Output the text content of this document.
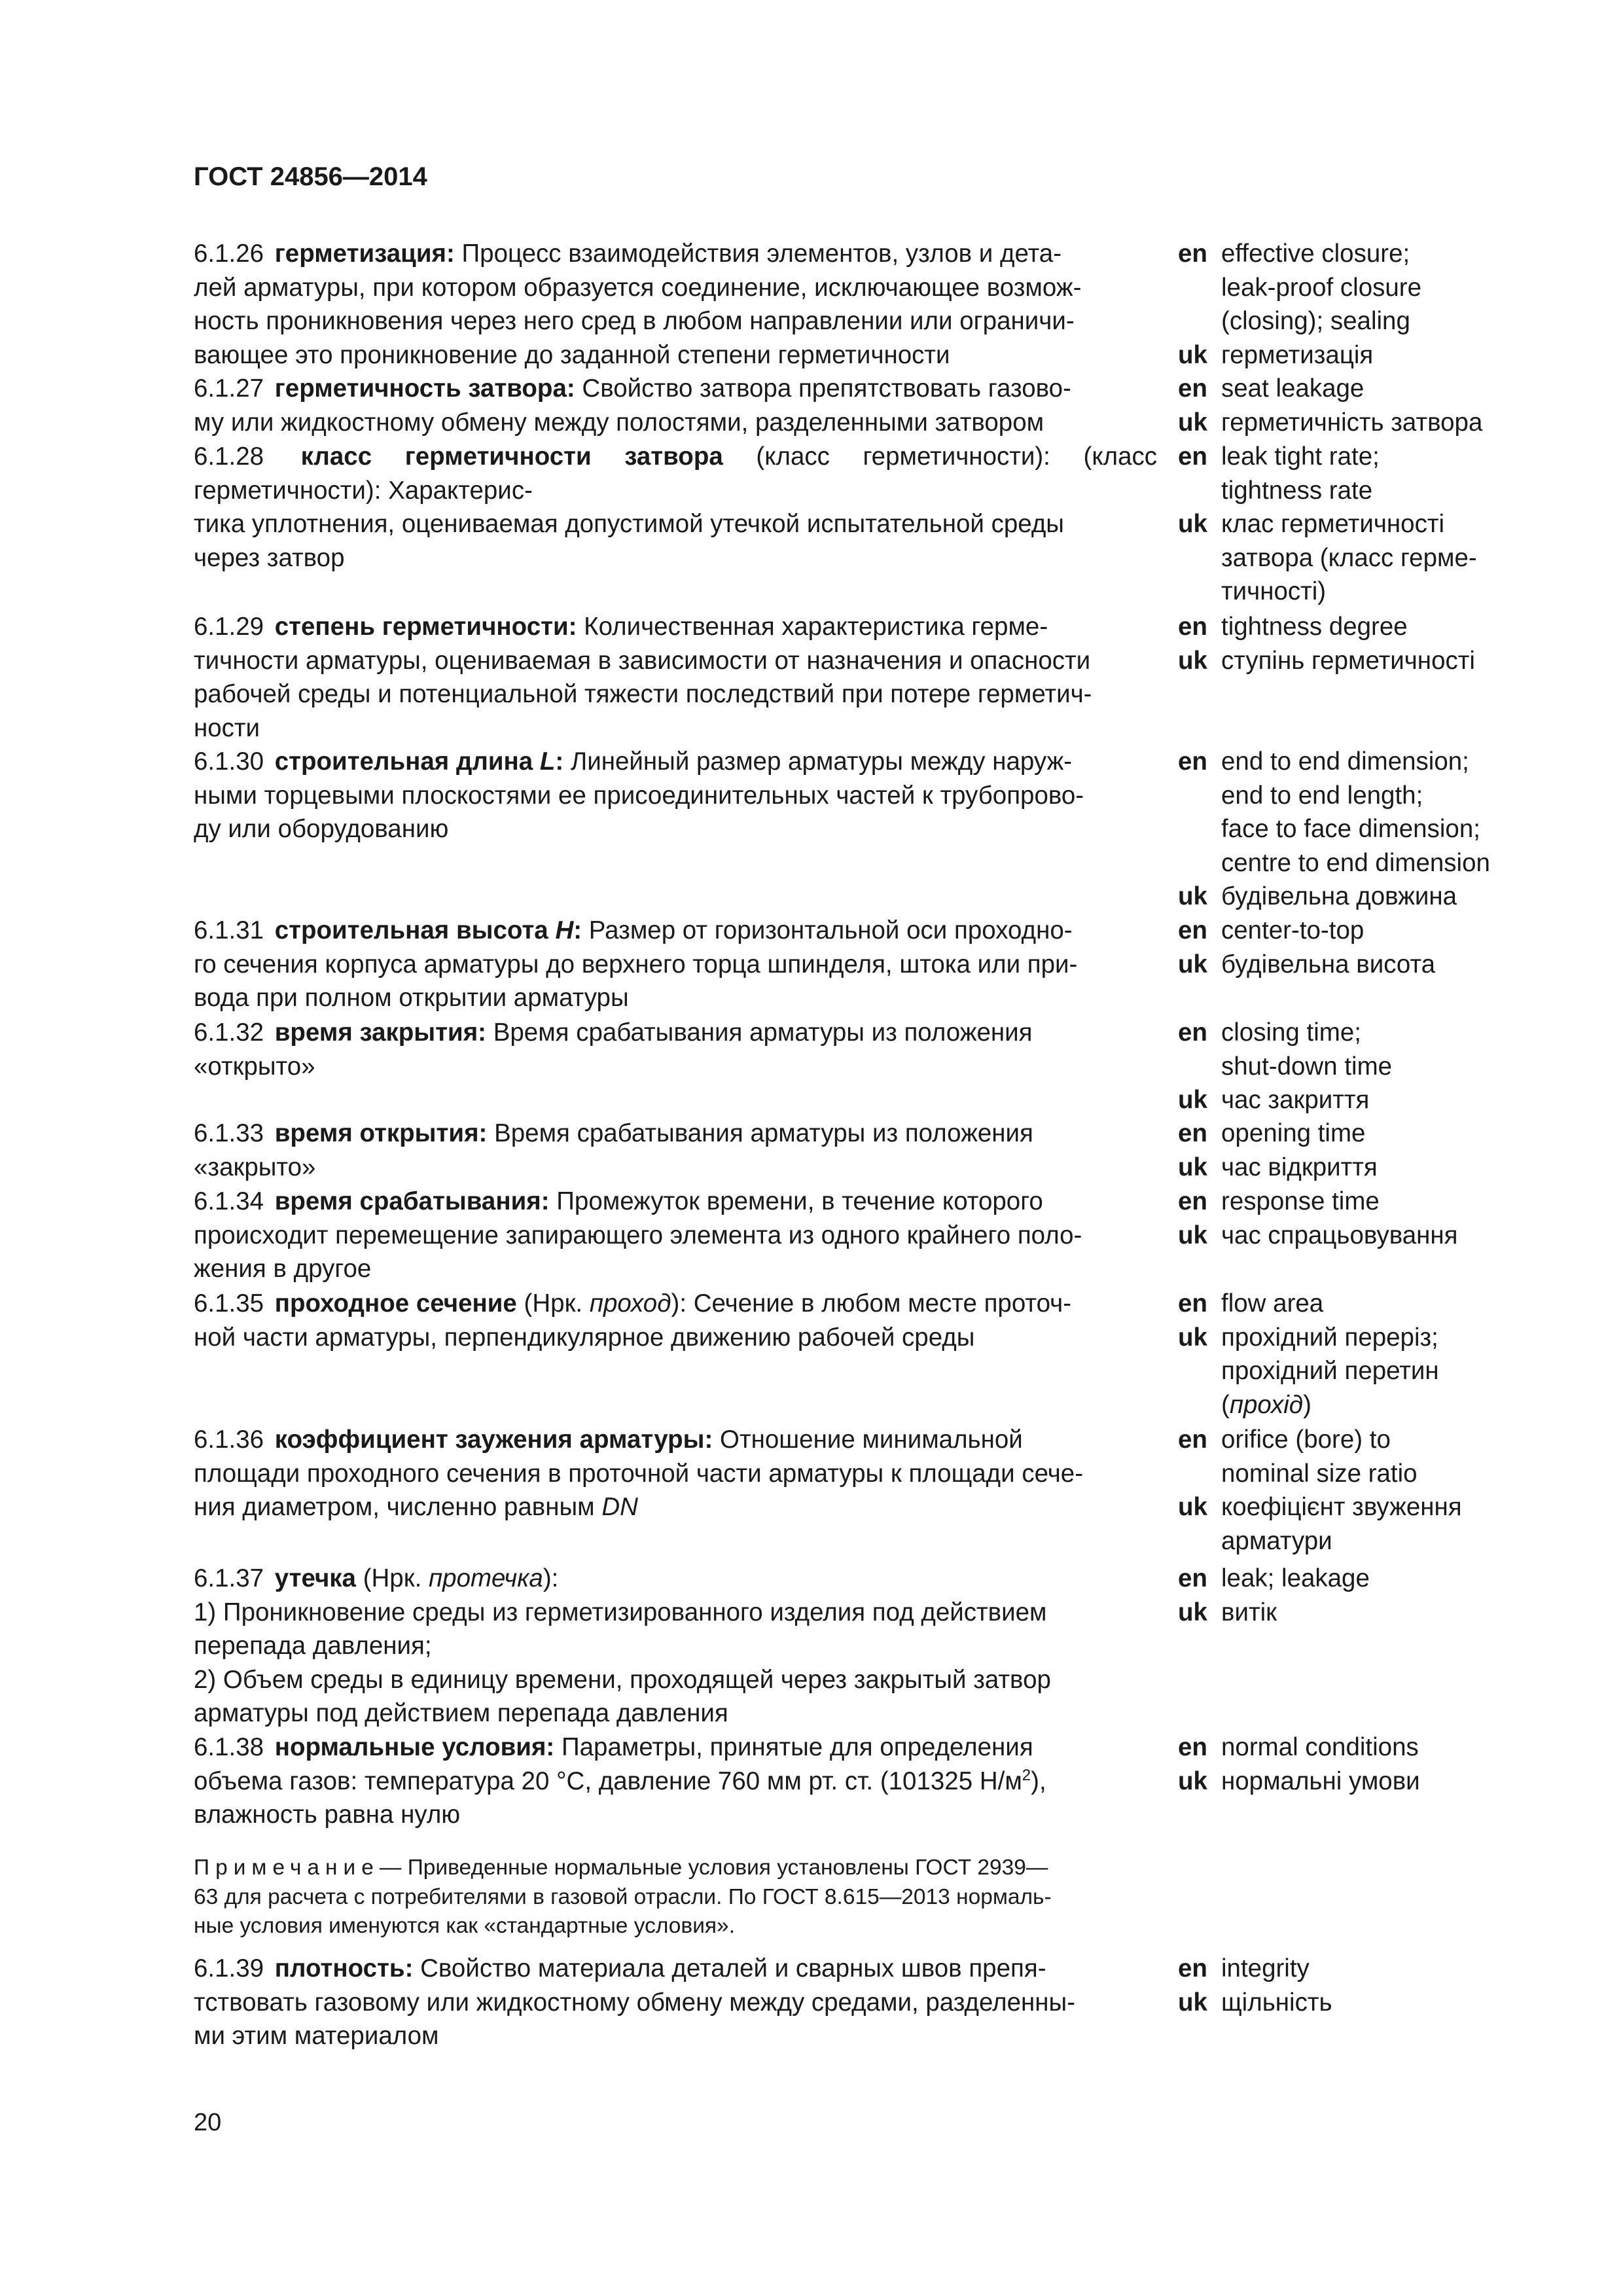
ГОСТ 24856—2014

6.1.26 герметизация: Процесс взаимодействия элементов, узлов и дета-

лей арматуры, при котором образуется соединение, исключающее возмож-

ность проникновения через него сред в любом направлении или ограничи-

вающее это проникновение до заданной степени герметичности

en effective closure;
leak-proof closure
(closing); sealing
uk герметизація

6.1.27 герметичность затвора: Свойство затвора препятствовать газово-

му или жидкостному обмену между полостями, разделенными затвором

en seat leakage
uk герметичність затвора

6.1.28 класс герметичности затвора (класс герметичности): (класс герметичности): Характерис-

тика уплотнения, оцениваемая допустимой утечкой испытательной среды

через затвор

en leak tight rate;
tightness rate
uk клас герметичності
затвора (класс герме-
тичності)

6.1.29 степень герметичности: Количественная характеристика герме-

тичности арматуры, оцениваемая в зависимости от назначения и опасности

рабочей среды и потенциальной тяжести последствий при потере герметич-

ности

en tightness degree
uk ступінь герметичності

6.1.30 строительная длина L: Линейный размер арматуры между наруж-

ными торцевыми плоскостями ее присоединительных частей к трубопрово-

ду или оборудованию

en end to end dimension;
end to end length;
face to face dimension;
centre to end dimension
uk будівельна довжина

6.1.31 строительная высота H: Размер от горизонтальной оси проходно-

го сечения корпуса арматуры до верхнего торца шпинделя, штока или при-

вода при полном открытии арматуры

en center-to-top
uk будівельна висота

6.1.32 время закрытия: Время срабатывания арматуры из положения

«открыто»

en closing time;
shut-down time
uk час закриття

6.1.33 время открытия: Время срабатывания арматуры из положения

«закрыто»

en opening time
uk час відкриття

6.1.34 время срабатывания: Промежуток времени, в течение которого

происходит перемещение запирающего элемента из одного крайнего поло-

жения в другое

en response time
uk час спрацьовування

6.1.35 проходное сечение (Нрк. проход): Сечение в любом месте проточ-

ной части арматуры, перпендикулярное движению рабочей среды

en flow area
uk прохідний переріз;
прохідний перетин
(прохід)

6.1.36 коэффициент заужения арматуры: Отношение минимальной

площади проходного сечения в проточной части арматуры к площади сече-

ния диаметром, численно равным DN

en orifice (bore) to
nominal size ratio
uk коефіцієнт звуження
арматури

6.1.37 утечка (Нрк. протечка):

1) Проникновение среды из герметизированного изделия под действием

перепада давления;

2) Объем среды в единицу времени, проходящей через закрытый затвор

арматуры под действием перепада давления

en leak; leakage
uk витік

6.1.38 нормальные условия: Параметры, принятые для определения

объема газов: температура 20 °C, давление 760 мм рт. ст. (101325 $Н/м^2$),

влажность равна нулю

en normal conditions
uk нормальні умови
Примечание— Приведенные нормальные условия установлены ГОСТ 2939—
63 для расчета с потребителями в газовой отрасли. По ГОСТ 8.615—2013 нормаль-
ные условия именуются как «стандартные условия».

6.1.39 плотность: Свойство материала деталей и сварных швов препя-

тствовать газовому или жидкостному обмену между средами, разделенны-

ми этим материалом

en integrity
uk щільність
20
